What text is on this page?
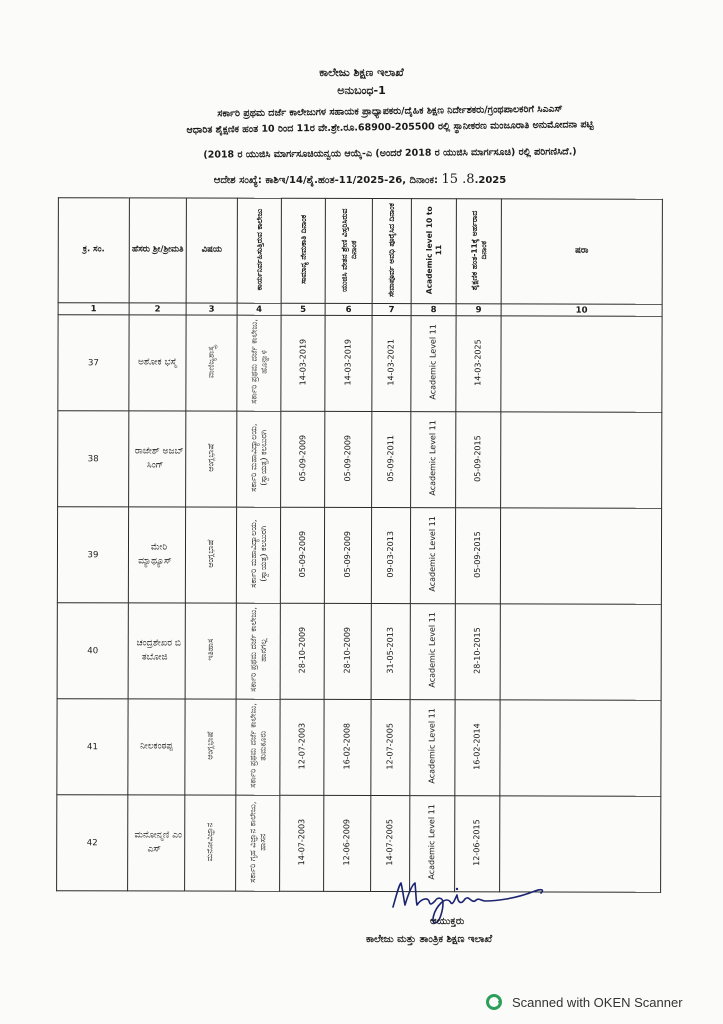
ಕಾಲೇಜು ಶಿಕ್ಷಣ ಇಲಾಖೆ
ಅನುಬಂಧ-1
ಸರ್ಕಾರಿ ಪ್ರಥಮ ದರ್ಜೆ ಕಾಲೇಜುಗಳ ಸಹಾಯಕ ಪ್ರಾಧ್ಯಾಪಕರು/ದೈಹಿಕ ಶಿಕ್ಷಣ ನಿರ್ದೇಶಕರು/ಗ್ರಂಥಪಾಲಕರಿಗೆ ಸಿಎಎಸ್
ಆಧಾರಿತ ಶೈಕ್ಷಣಿಕ ಹಂತ 10 ರಿಂದ 11ರ ವೇ.ಶ್ರೇ.ರೂ.68900-205500 ರಲ್ಲಿ ಸ್ಥಾನೀಕರಣ ಮಂಜೂರಾತಿ ಅನುಮೋದನಾ ಪಟ್ಟಿ
(2018 ರ ಯುಜಿಸಿ ಮಾರ್ಗಸೂಚಿಯನ್ವಯ ಆಯ್ಕೆ-ಎ (ಅಂದರೆ 2018 ರ ಯುಜಿಸಿ ಮಾರ್ಗಸೂಚಿ) ರಲ್ಲಿ ಪರಿಗಣಿಸಿದೆ.)
ಆದೇಶ ಸಂಖ್ಯೆ: ಕಾಶಿಇ/14/ಶೈ.ಹಂತ-11/2025-26, ದಿನಾಂಕ: 15 .8.2025
ಕ್ರ. ಸಂ.	ಹೆಸರು ಶ್ರೀ/ಶ್ರೀಮತಿ	ವಿಷಯ	ಕಾರ್ಯನಿರ್ವಹಿಸುತ್ತಿರುವ ಕಾಲೇಜು	ಸಾಮಾನ್ಯ ನೇಮಕಾತಿ ದಿನಾಂಕ	ಯುಜಿಸಿ ವೇತನ ಶ್ರೇಣಿ ವಿಸ್ತರಿಸಿರುವ ದಿನಾಂಕ	ಸೇವಾಪೂರ್ವ ಅವಧಿ ಪೂರೈಸಿದ ದಿನಾಂಕ	Academic level 10 to 11	ಶೈಕ್ಷಣಿಕ ಹಂತ-11ಕ್ಕೆ ಅರ್ಹರಾದ ದಿನಾಂಕ	ಷರಾ
1	2	3	4	5	6	7	8	9	10
37	ಅಶೋಕ ಭಸ್ಮೆ	ವಾಣಿಜ್ಯಶಾಸ್ತ್ರ	ಸರ್ಕಾರಿ ಪ್ರಥಮ ದರ್ಜೆ ಕಾಲೇಜು, ಹೊನ್ನಾಳಿ	14-03-2019	14-03-2019	14-03-2021	Academic Level 11	14-03-2025	
38	ರಾಜೇಶ್ ಅಜಬ್ ಸಿಂಗ್	ಆಂಗ್ಲಭಾಷೆ	ಸರ್ಕಾರಿ ಮಹಾವಿದ್ಯಾಲಯ, (ಸ್ವಾಯತ್ತ) ಕಲಬುರಗಿ	05-09-2009	05-09-2009	05-09-2011	Academic Level 11	05-09-2015	
39	ಮೇರಿ ಮ್ಯಾಥ್ಯೂಸ್	ಆಂಗ್ಲಭಾಷೆ	ಸರ್ಕಾರಿ ಮಹಾವಿದ್ಯಾಲಯ, (ಸ್ವಾಯತ್ತ) ಕಲಬುರಗಿ	05-09-2009	05-09-2009	09-03-2013	Academic Level 11	05-09-2015	
40	ಚಂದ್ರಶೇಖರ ಬಿ ತಬೋಜಿ	ಇತಿಹಾಸ	ಸರ್ಕಾರಿ ಪ್ರಥಮ ದರ್ಜೆ ಕಾಲೇಜು, ಹಾನಗಲ್ಲ	28-10-2009	28-10-2009	31-05-2013	Academic Level 11	28-10-2015	
41	ನೀಲಕಂಠಪ್ಪ	ಆಂಗ್ಲಭಾಷೆ	ಸರ್ಕಾರಿ ಪ್ರಥಮ ದರ್ಜೆ ಕಾಲೇಜು, ತುಮಕೂರು	12-07-2003	16-02-2008	12-07-2005	Academic Level 11	16-02-2014	
42	ಮನೋನ್ಮಣಿ ಎಂ ಎಸ್	ಮನೋವಿಜ್ಞಾನ	ಸರ್ಕಾರಿ ಗೃಹ ವಿಜ್ಞಾನ ಕಾಲೇಜು, ಹಾಸನ	14-07-2003	12-06-2009	14-07-2005	Academic Level 11	12-06-2015	
ಆಯುಕ್ತರು
ಕಾಲೇಜು ಮತ್ತು ತಾಂತ್ರಿಕ ಶಿಕ್ಷಣ ಇಲಾಖೆ
Scanned with OKEN Scanner
